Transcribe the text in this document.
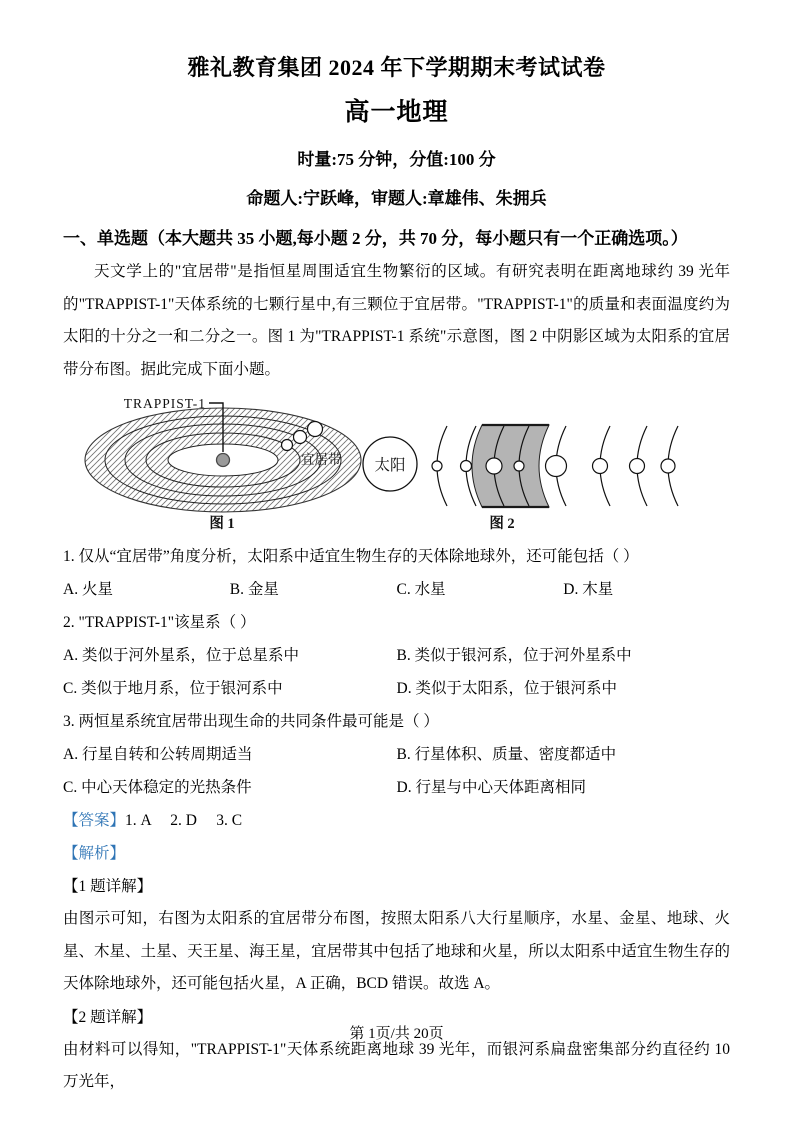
雅礼教育集团 2024 年下学期期末考试试卷
高一地理

时量:75 分钟，分值:100 分

命题人:宁跃峰，审题人:章雄伟、朱拥兵

一、单选题（本大题共 35 小题,每小题 2 分，共 70 分，每小题只有一个正确选项。）

天文学上的"宜居带"是指恒星周围适宜生物繁衍的区域。有研究表明在距离地球约 39 光年的"TRAPPIST-1"天体系统的七颗行星中,有三颗位于宜居带。"TRAPPIST-1"的质量和表面温度约为太阳的十分之一和二分之一。图 1 为"TRAPPIST-1 系统"示意图，图 2 中阴影区域为太阳系的宜居带分布图。据此完成下面小题。

TRAPPIST-1
宜居带
图 1
太阳
图 2

1. 仅从“宜居带”角度分析，太阳系中适宜生物生存的天体除地球外，还可能包括（ ）

A. 火星	B. 金星	C. 水星	D. 木星

2. "TRAPPIST-1"该星系（ ）

A. 类似于河外星系，位于总星系中	B. 类似于银河系，位于河外星系中
C. 类似于地月系，位于银河系中	D. 类似于太阳系，位于银河系中

3. 两恒星系统宜居带出现生命的共同条件最可能是（ ）

A. 行星自转和公转周期适当	B. 行星体积、质量、密度都适中
C. 中心天体稳定的光热条件	D. 行星与中心天体距离相同

【答案】1. A     2. D     3. C

【解析】

【1 题详解】

由图示可知，右图为太阳系的宜居带分布图，按照太阳系八大行星顺序，水星、金星、地球、火星、木星、土星、天王星、海王星，宜居带其中包括了地球和火星，所以太阳系中适宜生物生存的天体除地球外，还可能包括火星，A 正确，BCD 错误。故选 A。

【2 题详解】

由材料可以得知，"TRAPPIST-1"天体系统距离地球 39 光年，而银河系扁盘密集部分约直径约 10 万光年，

第 1页/共 20页
